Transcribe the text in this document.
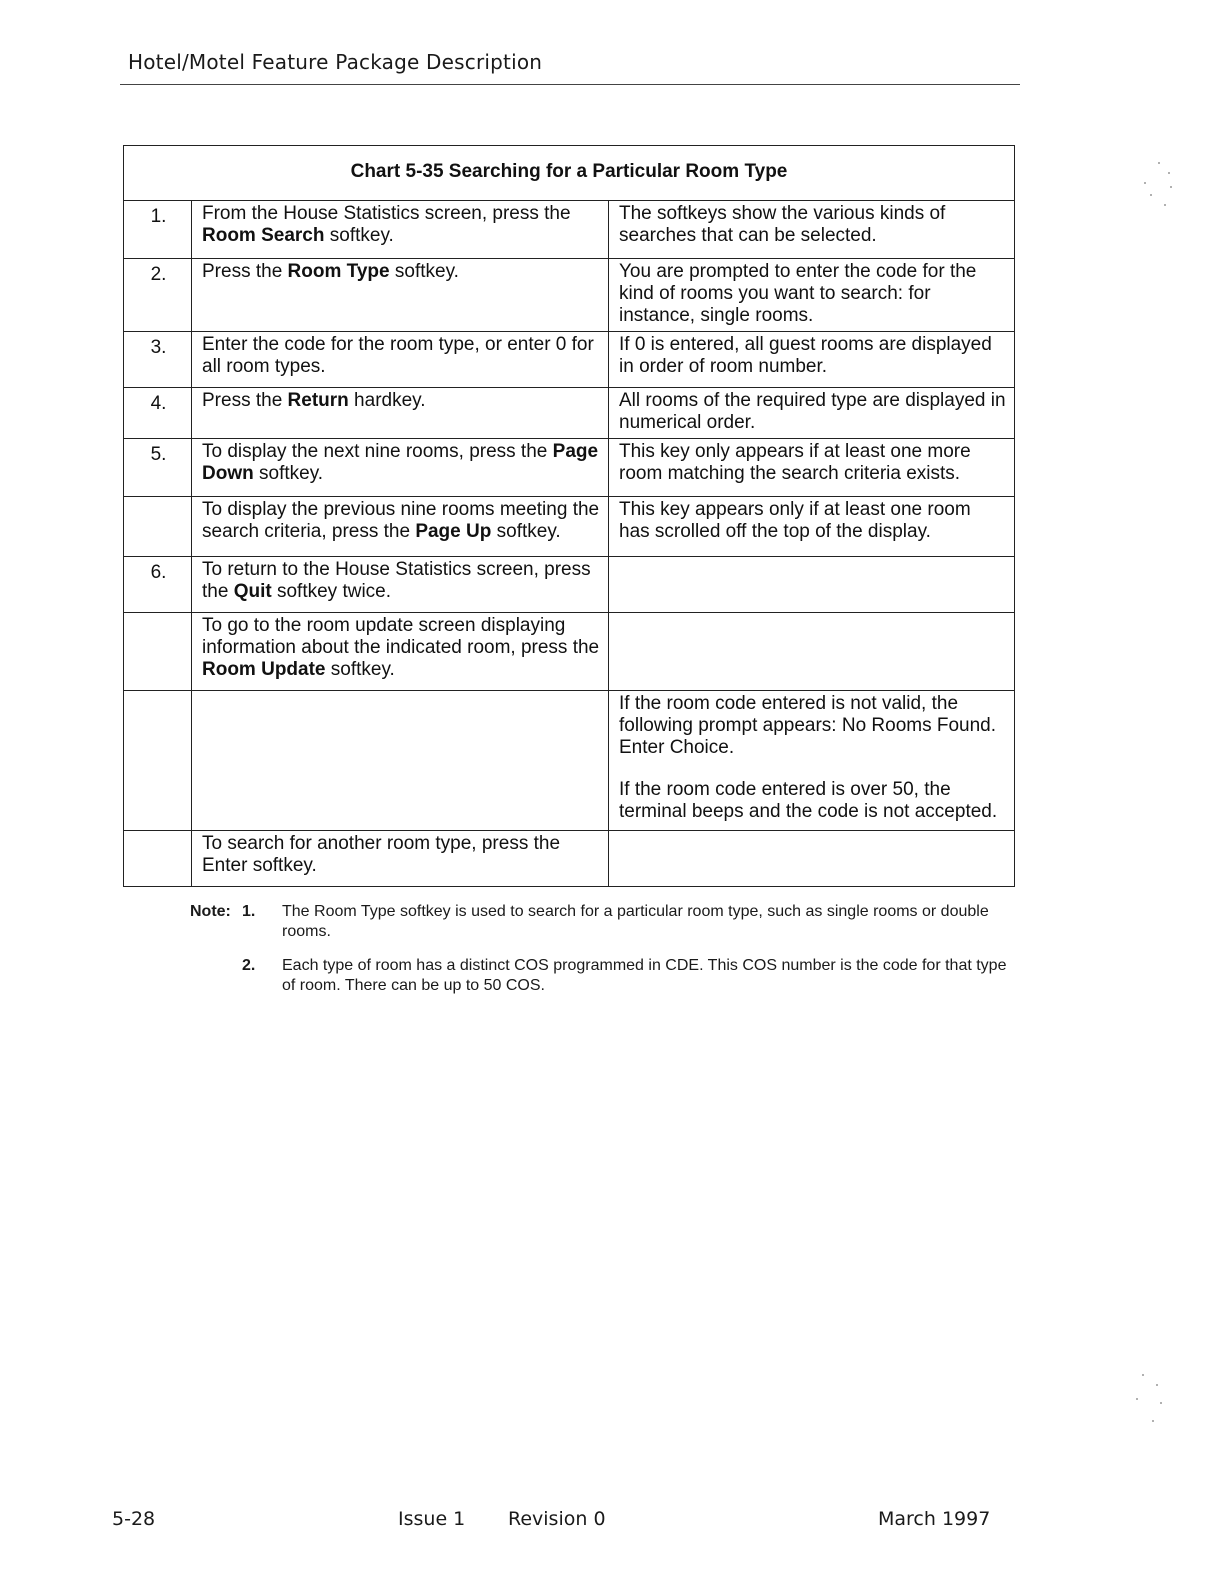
Hotel/Motel Feature Package Description
Chart 5-35 Searching for a Particular Room Type		
1.	From the House Statistics screen, press the Room Search softkey.	The softkeys show the various kinds of searches that can be selected.

2.	Press the Room Type softkey.	You are prompted to enter the code for the kind of rooms you want to search: for instance, single rooms.

3.	Enter the code for the room type, or enter 0 for all room types.	If 0 is entered, all guest rooms are displayed in order of room number.

4.	Press the Return hardkey.	All rooms of the required type are displayed in numerical order.

5.	To display the next nine rooms, press the Page Down softkey.	This key only appears if at least one more room matching the search criteria exists.

	To display the previous nine rooms meeting the search criteria, press the Page Up softkey.	This key appears only if at least one room has scrolled off the top of the display.

6.	To return to the House Statistics screen, press the Quit softkey twice.	

	To go to the room update screen displaying information about the indicated room, press the Room Update softkey.	

		If the room code entered is not valid, the following prompt appears: No Rooms Found. Enter Choice.
If the room code entered is over 50, the terminal beeps and the code is not accepted.

	To search for another room type, press the Enter softkey.	

Note: 1.	The Room Type softkey is used to search for a particular room type, such as single rooms or double rooms.
2.	Each type of room has a distinct COS programmed in CDE. This COS number is the code for that type of room. There can be up to 50 COS.
5-28	Issue 1 Revision 0	March 1997
